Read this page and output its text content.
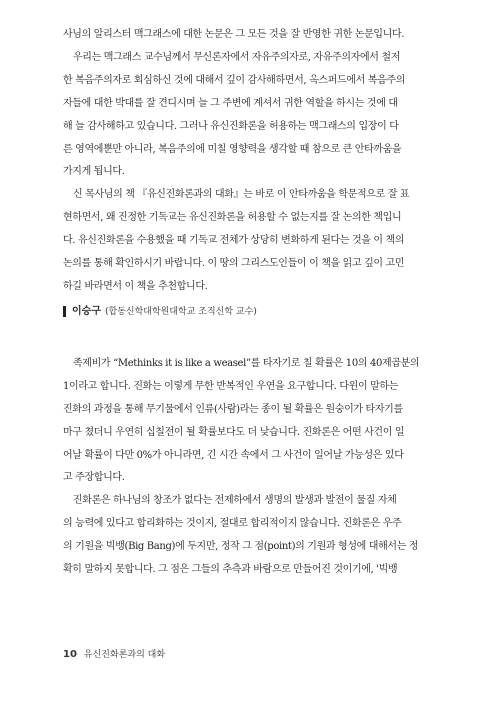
사님의 알리스터 맥그래스에 대한 논문은 그 모든 것을 잘 반영한 귀한 논문입니다.

우리는 맥그래스 교수님께서 무신론자에서 자유주의자로, 자유주의자에서 철저
한 복음주의자로 회심하신 것에 대해서 깊이 감사해하면서, 옥스퍼드에서 복음주의
자들에 대한 박대를 잘 견디시며 늘 그 주변에 계셔서 귀한 역할을 하시는 것에 대
해 늘 감사해하고 있습니다. 그러나 유신진화론을 허용하는 맥그래스의 입장이 다
른 영역에뿐만 아니라, 복음주의에 미칠 영향력을 생각할 때 참으로 큰 안타까움을
가지게 됩니다.

신 목사님의 책 『유신진화론과의 대화』는 바로 이 안타까움을 학문적으로 잘 표
현하면서, 왜 진정한 기독교는 유신진화론을 허용할 수 없는지를 잘 논의한 책입니
다. 유신진화론을 수용했을 때 기독교 전체가 상당히 변화하게 된다는 것을 이 책의
논의를 통해 확인하시기 바랍니다. 이 땅의 그리스도인들이 이 책을 읽고 깊이 고민
하길 바라면서 이 책을 추천합니다.

이승구 (합동신학대학원대학교 조직신학 교수)

족제비가 “Methinks it is like a weasel”를 타자기로 칠 확률은 10의 40제곱분의
1이라고 합니다. 진화는 이렇게 무한 반복적인 우연을 요구합니다. 다윈이 말하는
진화의 과정을 통해 무기물에서 인류(사람)라는 종이 될 확률은 원숭이가 타자기를
마구 쳤더니 우연히 십칠전이 될 확률보다도 더 낮습니다. 진화론은 어떤 사건이 일
어날 확률이 다만 0%가 아니라면, 긴 시간 속에서 그 사건이 일어날 가능성은 있다
고 주장합니다.

진화론은 하나님의 창조가 없다는 전제하에서 생명의 발생과 발전이 물질 자체
의 능력에 있다고 합리화하는 것이지, 절대로 합리적이지 않습니다. 진화론은 우주
의 기원을 빅뱅(Big Bang)에 두지만, 정작 그 점(point)의 기원과 형성에 대해서는 정
확히 말하지 못합니다. 그 점은 그들의 추측과 바람으로 만들어진 것이기에, '빅뱅

10 유신진화론과의 대화
